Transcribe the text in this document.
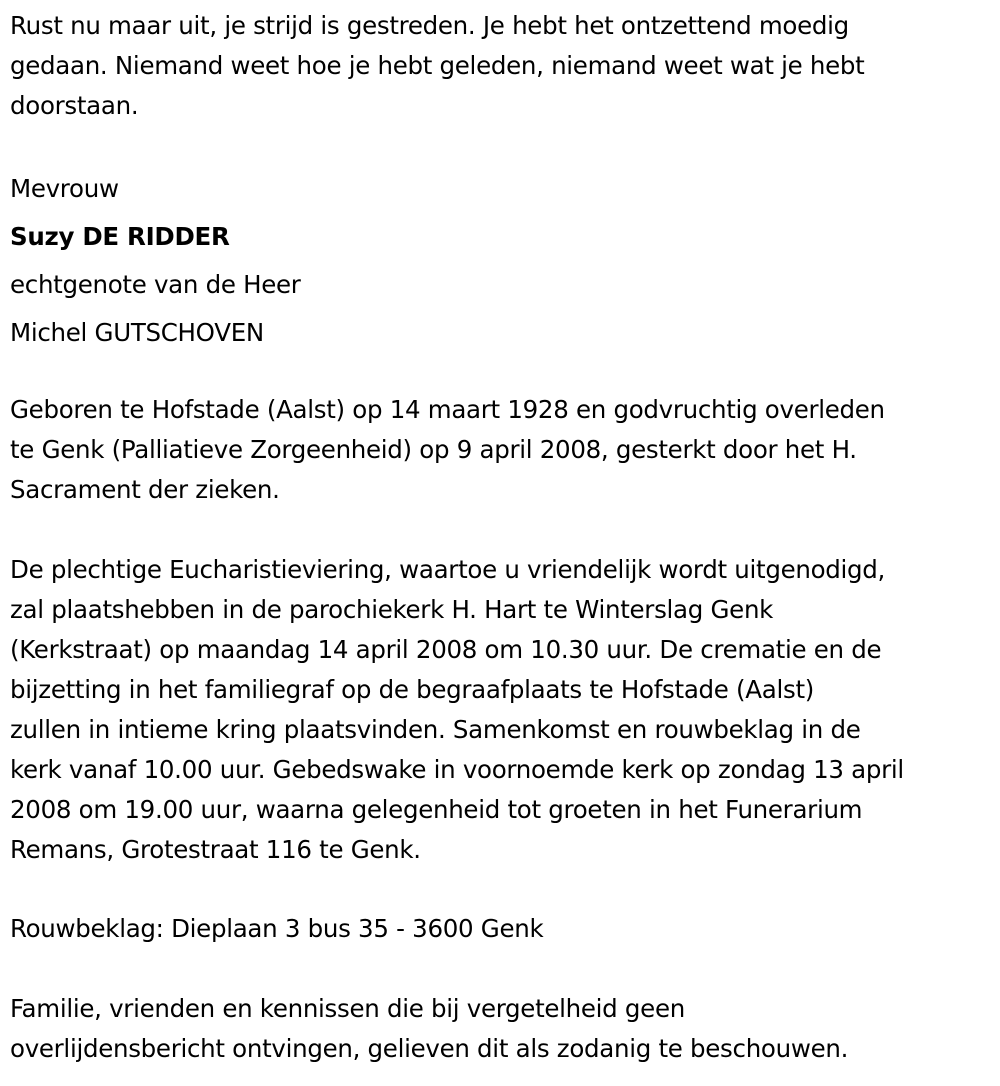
Rust nu maar uit, je strijd is gestreden. Je hebt het ontzettend moedig

gedaan. Niemand weet hoe je hebt geleden, niemand weet wat je hebt

doorstaan.

Mevrouw

Suzy DE RIDDER

echtgenote van de Heer

Michel GUTSCHOVEN

Geboren te Hofstade (Aalst) op 14 maart 1928 en godvruchtig overleden

te Genk (Palliatieve Zorgeenheid) op 9 april 2008, gesterkt door het H.

Sacrament der zieken.

De plechtige Eucharistieviering, waartoe u vriendelijk wordt uitgenodigd,

zal plaatshebben in de parochiekerk H. Hart te Winterslag Genk

(Kerkstraat) op maandag 14 april 2008 om 10.30 uur. De crematie en de

bijzetting in het familiegraf op de begraafplaats te Hofstade (Aalst)

zullen in intieme kring plaatsvinden. Samenkomst en rouwbeklag in de

kerk vanaf 10.00 uur. Gebedswake in voornoemde kerk op zondag 13 april

2008 om 19.00 uur, waarna gelegenheid tot groeten in het Funerarium

Remans, Grotestraat 116 te Genk.

Rouwbeklag: Dieplaan 3 bus 35 - 3600 Genk

Familie, vrienden en kennissen die bij vergetelheid geen

overlijdensbericht ontvingen, gelieven dit als zodanig te beschouwen.
